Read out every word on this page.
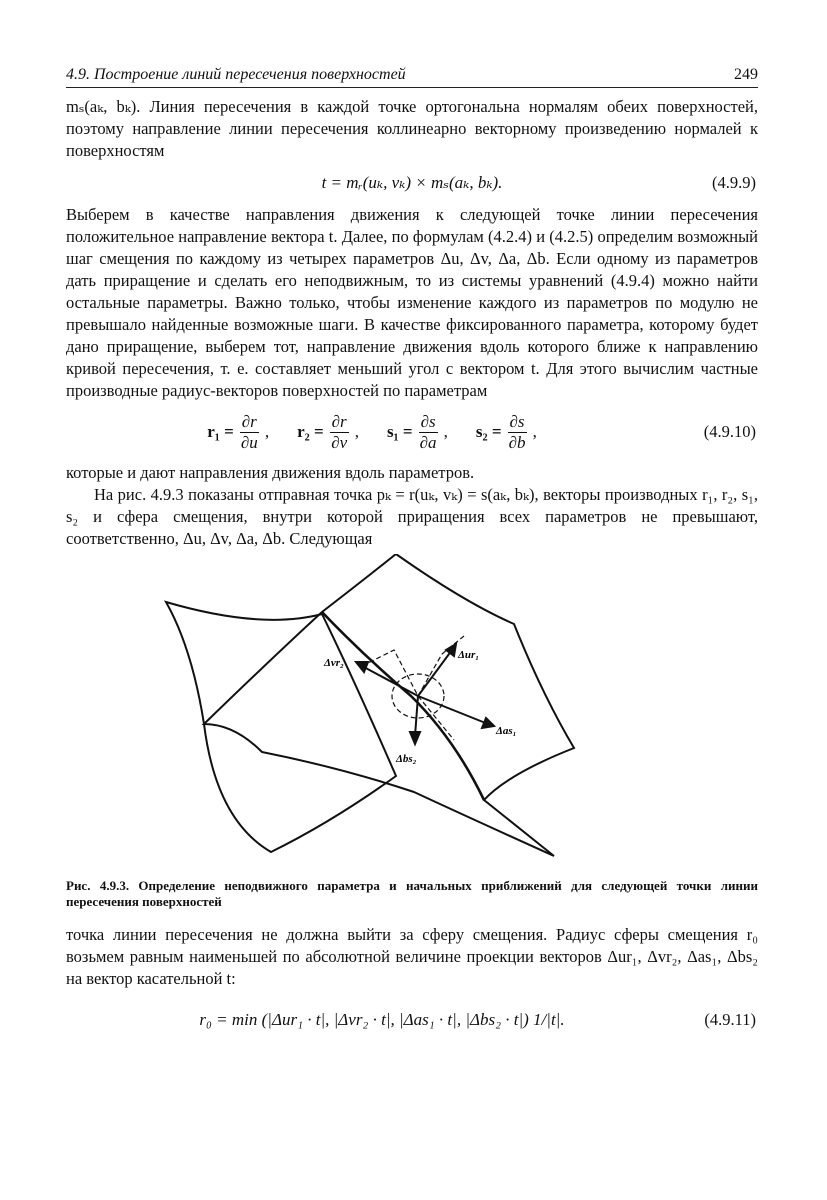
4.9. Построение линий пересечения поверхностей	249

mₛ(aₖ, bₖ). Линия пересечения в каждой точке ортогональна нормалям обеих поверхностей, поэтому направление линии пересечения коллинеарно векторному произведению нормалей к поверхностям

t = mᵣ(uₖ, vₖ) × mₛ(aₖ, bₖ).	(4.9.9)

Выберем в качестве направления движения к следующей точке линии пересечения положительное направление вектора t. Далее, по формулам (4.2.4) и (4.2.5) определим возможный шаг смещения по каждому из четырех параметров Δu, Δv, Δa, Δb. Если одному из параметров дать приращение и сделать его неподвижным, то из системы уравнений (4.9.4) можно найти остальные параметры. Важно только, чтобы изменение каждого из параметров по модулю не превышало найденные возможные шаги. В качестве фиксированного параметра, которому будет дано приращение, выберем тот, направление движения вдоль которого ближе к направлению кривой пересечения, т. е. составляет меньший угол с вектором t. Для этого вычислим частные производные радиус-векторов поверхностей по параметрам

$r_1 = \frac{\partial r}{\partial u}$ , $r_2 = \frac{\partial r}{\partial v}$ , $s_1 = \frac{\partial s}{\partial a}$ , $s_2 = \frac{\partial s}{\partial b}$ ,	(4.9.10)

которые и дают направления движения вдоль параметров.

На рис. 4.9.3 показаны отправная точка pₖ = r(uₖ, vₖ) = s(aₖ, bₖ), векторы производных r₁, r₂, s₁, s₂ и сфера смещения, внутри которой приращения всех параметров не превышают, соответственно, Δu, Δv, Δa, Δb. Следующая

Δvr₂
Δur₁
Δas₁
Δbs₂
Рис. 4.9.3. Определение неподвижного параметра и начальных приближений для следующей точки линии пересечения поверхностей

точка линии пересечения не должна выйти за сферу смещения. Радиус сферы смещения r₀ возьмем равным наименьшей по абсолютной величине проекции векторов Δur₁, Δvr₂, Δas₁, Δbs₂ на вектор касательной t:

r₀ = min (|Δur₁ · t|, |Δvr₂ · t|, |Δas₁ · t|, |Δbs₂ · t|) 1/|t|.	(4.9.11)
